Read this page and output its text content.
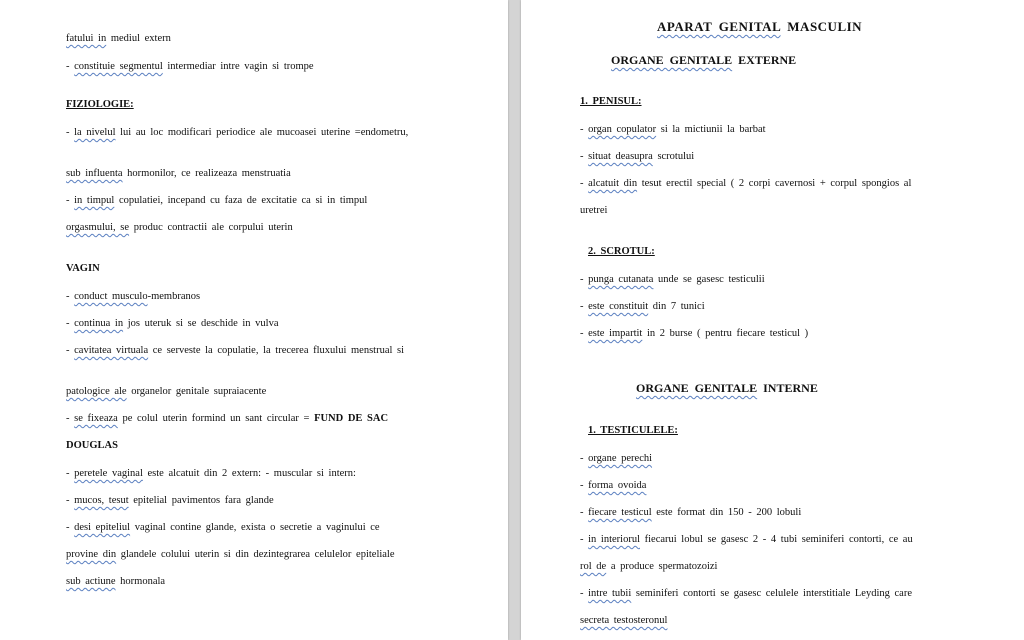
fatului in mediul extern
- constituie segmentul intermediar intre vagin si trompe
FIZIOLOGIE:
- la nivelul lui au loc modificari periodice ale mucoasei uterine =endometru,
sub influenta hormonilor, ce realizeaza menstruatia
- in timpul copulatiei, incepand cu faza de excitatie ca si in timpul
orgasmului, se produc contractii ale corpului uterin
VAGIN
- conduct musculo-membranos
- continua in jos uteruk si se deschide in vulva
- cavitatea virtuala ce serveste la copulatie, la trecerea fluxului menstrual si
patologice ale organelor genitale supraiacente
- se fixeaza pe colul uterin formind un sant circular = FUND DE SAC
DOUGLAS
- peretele vaginal este alcatuit din 2 extern: - muscular si intern:
- mucos, tesut epitelial pavimentos fara glande
- desi epiteliul vaginal contine glande, exista o secretie a vaginului ce
provine din glandele colului uterin si din dezintegrarea celulelor epiteliale
sub actiune hormonala
APARAT GENITAL MASCULIN
ORGANE GENITALE EXTERNE
1. PENISUL:
- organ copulator si la mictiunii la barbat
- situat deasupra scrotului
- alcatuit din tesut erectil special ( 2 corpi cavernosi + corpul spongios al
uretrei
2. SCROTUL:
- punga cutanata unde se gasesc testiculii
- este constituit din 7 tunici
- este impartit in 2 burse ( pentru fiecare testicul )
ORGANE GENITALE INTERNE
1. TESTICULELE:
- organe perechi
- forma ovoida
- fiecare testicul este format din 150 - 200 lobuli
- in interiorul fiecarui lobul se gasesc 2 - 4 tubi seminiferi contorti, ce au
rol de a produce spermatozoizi
- intre tubii seminiferi contorti se gasesc celulele interstitiale Leyding care
secreta testosteronul
